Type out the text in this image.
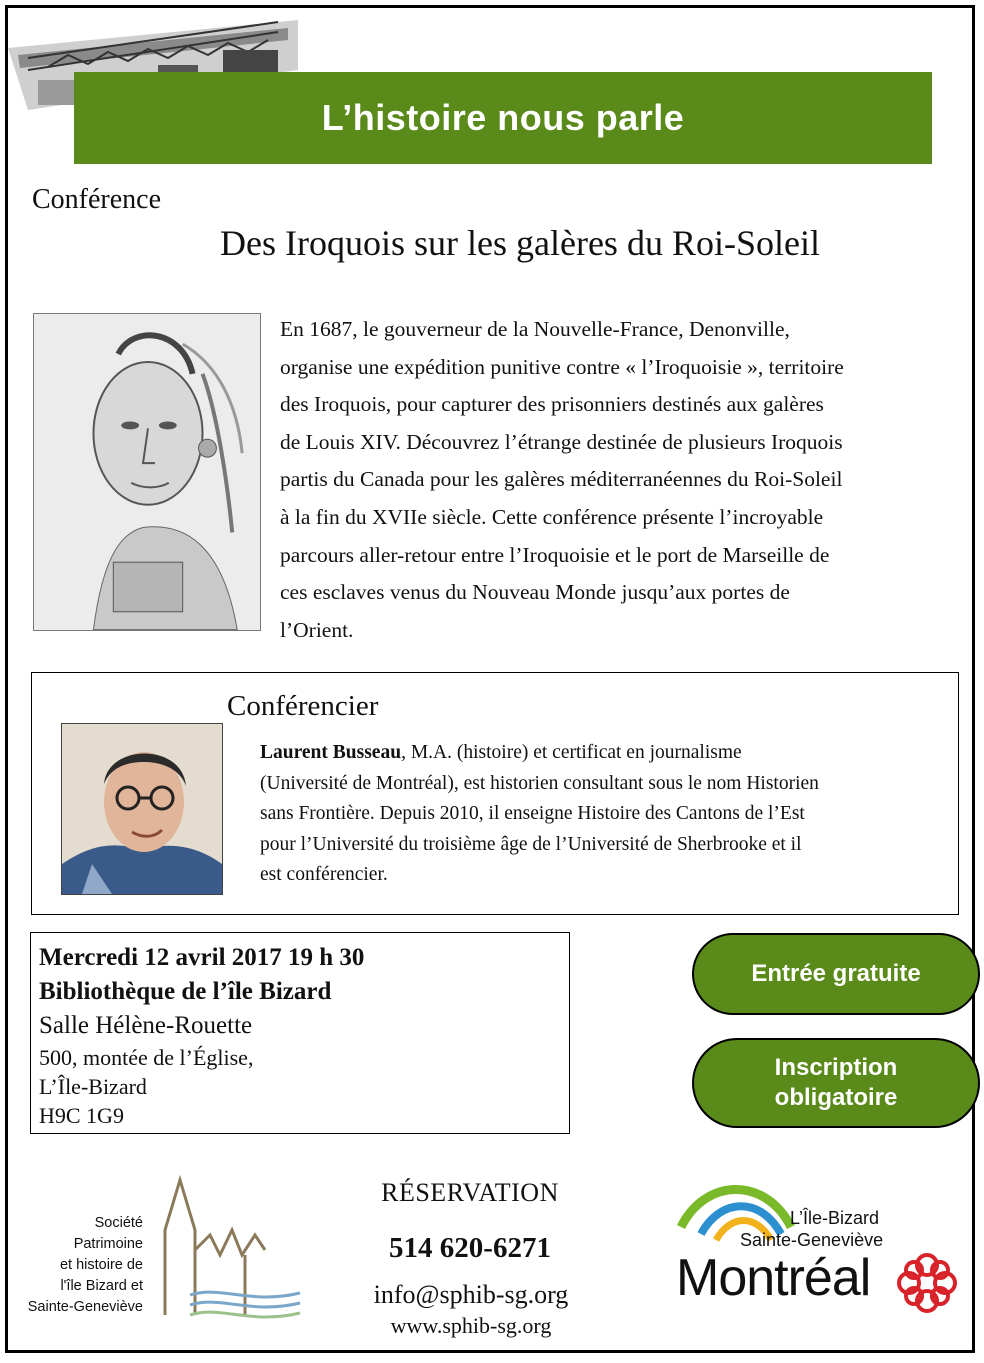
L’histoire nous parle
Conférence
Des Iroquois sur les galères du Roi-Soleil
En 1687, le gouverneur de la Nouvelle-France, Denonville,
organise une expédition punitive contre « l’Iroquoisie », territoire
des Iroquois, pour capturer des prisonniers destinés aux galères
de Louis XIV. Découvrez l’étrange destinée de plusieurs Iroquois
partis du Canada pour les galères méditerranéennes du Roi-Soleil
à la fin du XVIIe siècle. Cette conférence présente l’incroyable
parcours aller-retour entre l’Iroquoisie et le port de Marseille de
ces esclaves venus du Nouveau Monde jusqu’aux portes de
l’Orient.
Conférencier
Laurent Busseau, M.A. (histoire) et certificat en journalisme
(Université de Montréal), est historien consultant sous le nom Historien
sans Frontière. Depuis 2010, il enseigne Histoire des Cantons de l’Est
pour l’Université du troisième âge de l’Université de Sherbrooke et il
est conférencier.
Mercredi 12 avril 2017 19 h 30
Bibliothèque de l’île Bizard
Salle Hélène-Rouette
500, montée de l’Église,
L’Île-Bizard
H9C 1G9
Entrée gratuite
Inscription
obligatoire
Société
Patrimoine
et histoire de
l'île Bizard et
Sainte-Geneviève
RÉSERVATION
514 620-6271
info@sphib-sg.org
www.sphib-sg.org
L’Île-Bizard
Sainte-Geneviève
Montréal
